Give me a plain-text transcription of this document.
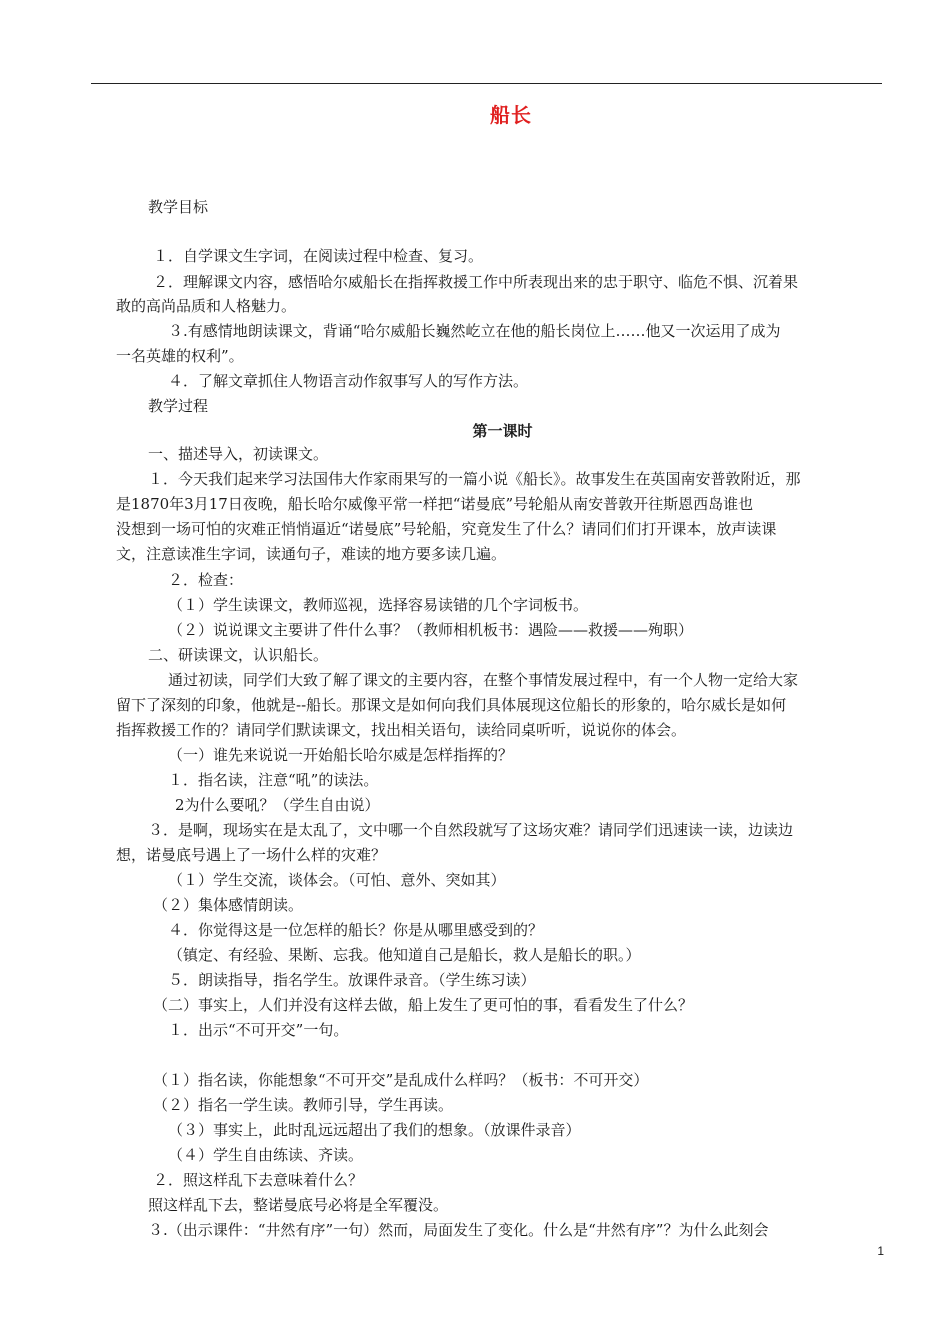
船长
教学目标
１．自学课文生字词，在阅读过程中检查、复习。
２．理解课文内容，感悟哈尔威船长在指挥救援工作中所表现出来的忠于职守、临危不惧、沉着果
敢的高尚品质和人格魅力。
３.有感情地朗读课文，背诵“哈尔威船长巍然屹立在他的船长岗位上……他又一次运用了成为
一名英雄的权利”。
４．了解文章抓住人物语言动作叙事写人的写作方法。
教学过程
第一课时
一、描述导入，初读课文。
１．今天我们起来学习法国伟大作家雨果写的一篇小说《船长》。故事发生在英国南安普敦附近，那
是1870年3月17日夜晚，船长哈尔威像平常一样把“诺曼底”号轮船从南安普敦开往斯恩西岛谁也
没想到一场可怕的灾难正悄悄逼近“诺曼底”号轮船，究竟发生了什么？请同们们打开课本，放声读课
文，注意读准生字词，读通句子，难读的地方要多读几遍。
２．检查：
（１）学生读课文，教师巡视，选择容易读错的几个字词板书。
（２）说说课文主要讲了件什么事？（教师相机板书：遇险——救援——殉职）
二、研读课文，认识船长。
通过初读，同学们大致了解了课文的主要内容，在整个事情发展过程中，有一个人物一定给大家
留下了深刻的印象，他就是--船长。那课文是如何向我们具体展现这位船长的形象的，哈尔威长是如何
指挥救援工作的？请同学们默读课文，找出相关语句，读给同桌听听，说说你的体会。
（一）谁先来说说一开始船长哈尔威是怎样指挥的？
１．指名读，注意“吼”的读法。
2为什么要吼？（学生自由说）
３．是啊，现场实在是太乱了，文中哪一个自然段就写了这场灾难？请同学们迅速读一读，边读边
想，诺曼底号遇上了一场什么样的灾难？
（１）学生交流，谈体会。（可怕、意外、突如其）
（２）集体感情朗读。
４．你觉得这是一位怎样的船长？你是从哪里感受到的？
（镇定、有经验、果断、忘我。他知道自己是船长，救人是船长的职。）
５．朗读指导，指名学生。放课件录音。（学生练习读）
（二）事实上，人们并没有这样去做，船上发生了更可怕的事，看看发生了什么？
１．出示“不可开交”一句。
（１）指名读，你能想象“不可开交”是乱成什么样吗？（板书：不可开交）
（２）指名一学生读。教师引导，学生再读。
（３）事实上，此时乱远远超出了我们的想象。（放课件录音）
（４）学生自由练读、齐读。
２．照这样乱下去意味着什么？
照这样乱下去，整诺曼底号必将是全军覆没。
３.（出示课件：“井然有序”一句）然而，局面发生了变化。什么是“井然有序”？为什么此刻会
1
